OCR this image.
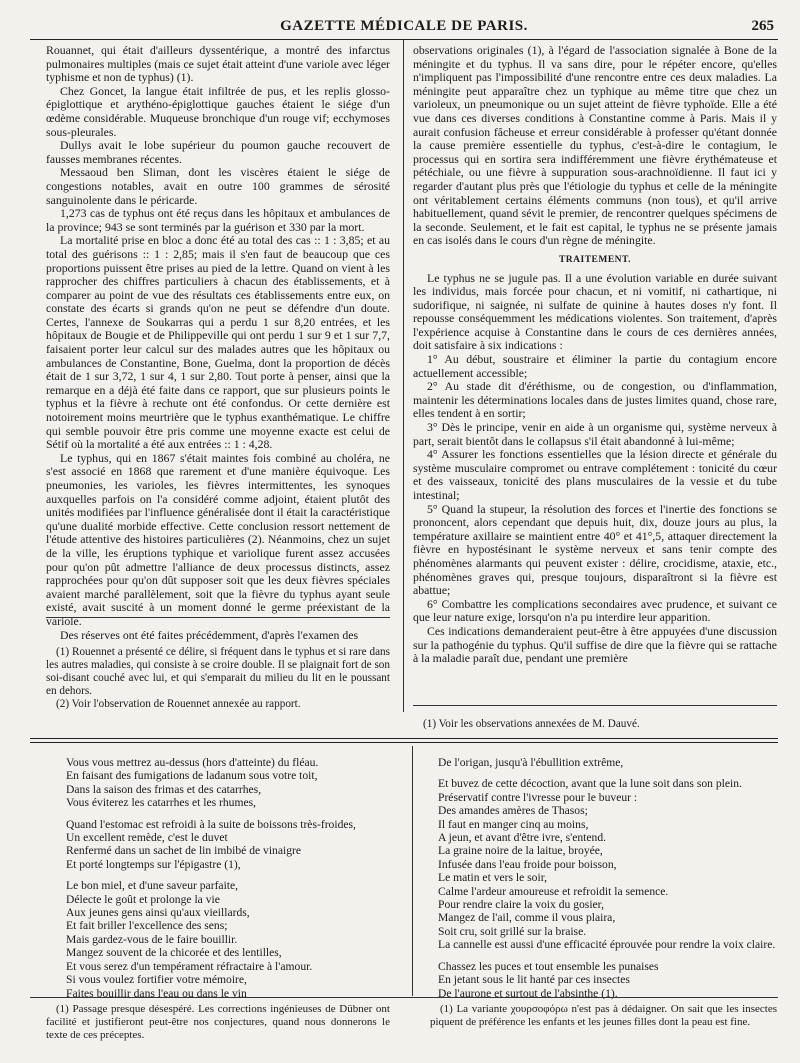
GAZETTE MÉDICALE DE PARIS.	265

Rouannet, qui était d'ailleurs dyssentérique, a montré des infarctus pulmonaires multiples (mais ce sujet était atteint d'une variole avec léger typhisme et non de typhus) (1).

Chez Goncet, la langue était infiltrée de pus, et les replis glosso-épiglottique et arythéno-épiglottique gauches étaient le siége d'un œdème considérable. Muqueuse bronchique d'un rouge vif; ecchymoses sous-pleurales.

Dullys avait le lobe supérieur du poumon gauche recouvert de fausses membranes récentes.

Messaoud ben Sliman, dont les viscères étaient le siége de congestions notables, avait en outre 100 grammes de sérosité sanguinolente dans le péricarde.

1,273 cas de typhus ont été reçus dans les hôpitaux et ambulances de la province; 943 se sont terminés par la guérison et 330 par la mort.

La mortalité prise en bloc a donc été au total des cas :: 1 : 3,85; et au total des guérisons :: 1 : 2,85; mais il s'en faut de beaucoup que ces proportions puissent être prises au pied de la lettre. Quand on vient à les rapprocher des chiffres particuliers à chacun des établissements, et à comparer au point de vue des résultats ces établissements entre eux, on constate des écarts si grands qu'on ne peut se défendre d'un doute. Certes, l'annexe de Soukarras qui a perdu 1 sur 8,20 entrées, et les hôpitaux de Bougie et de Philippeville qui ont perdu 1 sur 9 et 1 sur 7,7, faisaient porter leur calcul sur des malades autres que les hôpitaux ou ambulances de Constantine, Bone, Guelma, dont la proportion de décès était de 1 sur 3,72, 1 sur 4, 1 sur 2,80. Tout porte à penser, ainsi que la remarque en a déjà été faite dans ce rapport, que sur plusieurs points le typhus et la fièvre à rechute ont été confondus. Or cette dernière est notoirement moins meurtrière que le typhus exanthématique. Le chiffre qui semble pouvoir être pris comme une moyenne exacte est celui de Sétif où la mortalité a été aux entrées :: 1 : 4,28.

Le typhus, qui en 1867 s'était maintes fois combiné au choléra, ne s'est associé en 1868 que rarement et d'une manière équivoque. Les pneumonies, les varioles, les fièvres intermittentes, les synoques auxquelles parfois on l'a considéré comme adjoint, étaient plutôt des unités modifiées par l'influence généralisée dont il était la caractéristique qu'une dualité morbide effective. Cette conclusion ressort nettement de l'étude attentive des histoires particulières (2). Néanmoins, chez un sujet de la ville, les éruptions typhique et variolique furent assez accusées pour qu'on pût admettre l'alliance de deux processus distincts, assez rapprochées pour qu'on dût supposer soit que les deux fièvres spéciales avaient marché parallèlement, soit que la fièvre du typhus ayant seule existé, avait suscité à un moment donné le germe préexistant de la variole.

Des réserves ont été faites précédemment, d'après l'examen des

(1) Rouennet a présenté ce délire, si fréquent dans le typhus et si rare dans les autres maladies, qui consiste à se croire double. Il se plaignait fort de son soi-disant couché avec lui, et qui s'emparait du milieu du lit en le poussant en dehors.

(2) Voir l'observation de Rouennet annexée au rapport.

observations originales (1), à l'égard de l'association signalée à Bone de la méningite et du typhus. Il va sans dire, pour le répéter encore, qu'elles n'impliquent pas l'impossibilité d'une rencontre entre ces deux maladies. La méningite peut apparaître chez un typhique au même titre que chez un varioleux, un pneumonique ou un sujet atteint de fièvre typhoïde. Elle a été vue dans ces diverses conditions à Constantine comme à Paris. Mais il y aurait confusion fâcheuse et erreur considérable à professer qu'étant donnée la cause première essentielle du typhus, c'est-à-dire le contagium, le processus qui en sortira sera indifféremment une fièvre érythémateuse et pétéchiale, ou une fièvre à suppuration sous-arachnoïdienne. Il faut ici y regarder d'autant plus près que l'étiologie du typhus et celle de la méningite ont véritablement certains éléments communs (non tous), et qu'il arrive habituellement, quand sévit le premier, de rencontrer quelques spécimens de la seconde. Seulement, et le fait est capital, le typhus ne se présente jamais en cas isolés dans le cours d'un règne de méningite.

TRAITEMENT.

Le typhus ne se jugule pas. Il a une évolution variable en durée suivant les individus, mais forcée pour chacun, et ni vomitif, ni cathartique, ni sudorifique, ni saignée, ni sulfate de quinine à hautes doses n'y font. Il repousse conséquemment les médications violentes. Son traitement, d'après l'expérience acquise à Constantine dans le cours de ces dernières années, doit satisfaire à six indications :

1° Au début, soustraire et éliminer la partie du contagium encore actuellement accessible;

2° Au stade dit d'éréthisme, ou de congestion, ou d'inflammation, maintenir les déterminations locales dans de justes limites quand, chose rare, elles tendent à en sortir;

3° Dès le principe, venir en aide à un organisme qui, système nerveux à part, serait bientôt dans le collapsus s'il était abandonné à lui-même;

4° Assurer les fonctions essentielles que la lésion directe et générale du système musculaire compromet ou entrave complétement : tonicité du cœur et des vaisseaux, tonicité des plans musculaires de la vessie et du tube intestinal;

5° Quand la stupeur, la résolution des forces et l'inertie des fonctions se prononcent, alors cependant que depuis huit, dix, douze jours au plus, la température axillaire se maintient entre 40° et 41°,5, attaquer directement la fièvre en hypostésinant le système nerveux et sans tenir compte des phénomènes alarmants qui peuvent exister : délire, crocidisme, ataxie, etc., phénomènes graves qui, presque toujours, disparaîtront si la fièvre est abattue;

6° Combattre les complications secondaires avec prudence, et suivant ce que leur nature exige, lorsqu'on n'a pu interdire leur apparition.

Ces indications demanderaient peut-être à être appuyées d'une discussion sur la pathogénie du typhus. Qu'il suffise de dire que la fièvre qui se rattache à la maladie paraît due, pendant une première

(1) Voir les observations annexées de M. Dauvé.

Vous vous mettrez au-dessus (hors d'atteinte) du fléau.
En faisant des fumigations de ladanum sous votre toit,
Dans la saison des frimas et des catarrhes,
Vous éviterez les catarrhes et les rhumes,
Quand l'estomac est refroidi à la suite de boissons très-froides,
Un excellent remède, c'est le duvet
Renfermé dans un sachet de lin imbibé de vinaigre
Et porté longtemps sur l'épigastre (1),
Le bon miel, et d'une saveur parfaite,
Délecte le goût et prolonge la vie
Aux jeunes gens ainsi qu'aux vieillards,
Et fait briller l'excellence des sens;
Mais gardez-vous de le faire bouillir.
Mangez souvent de la chicorée et des lentilles,
Et vous serez d'un tempérament réfractaire à l'amour.
Si vous voulez fortifier votre mémoire,
Faites bouillir dans l'eau ou dans le vin
De l'origan, jusqu'à l'ébullition extrême,
Et buvez de cette décoction, avant que la lune soit dans son plein.
Préservatif contre l'ivresse pour le buveur :
Des amandes amères de Thasos;
Il faut en manger cinq au moins,
A jeun, et avant d'être ivre, s'entend.
La graine noire de la laitue, broyée,
Infusée dans l'eau froide pour boisson,
Le matin et vers le soir,
Calme l'ardeur amoureuse et refroidit la semence.
Pour rendre claire la voix du gosier,
Mangez de l'ail, comme il vous plaira,
Soit cru, soit grillé sur la braise.
La cannelle est aussi d'une efficacité éprouvée pour rendre la voix claire.
Chassez les puces et tout ensemble les punaises
En jetant sous le lit hanté par ces insectes
De l'aurone et surtout de l'absinthe (1).

(1) Passage presque désespéré. Les corrections ingénieuses de Dübner ont facilité et justifieront peut-être nos conjectures, quand nous donnerons le texte de ces préceptes.

(1) La variante χουρσοφόρω n'est pas à dédaigner. On sait que les insectes piquent de préférence les enfants et les jeunes filles dont la peau est fine.
